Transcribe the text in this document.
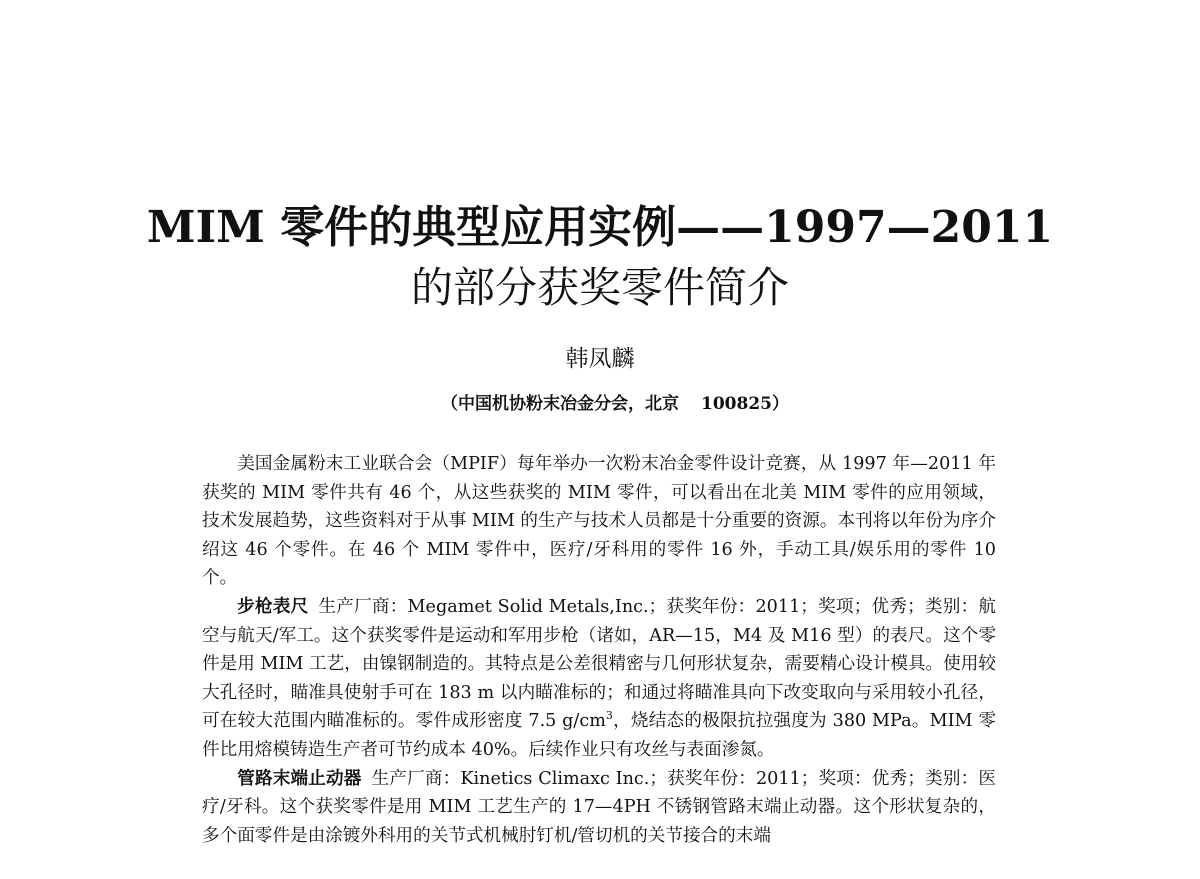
MIM 零件的典型应用实例——1997—2011
的部分获奖零件简介
韩凤麟
（中国机协粉末冶金分会，北京 100825）

美国金属粉末工业联合会（MPIF）每年举办一次粉末冶金零件设计竞赛，从 1997 年—2011 年获奖的 MIM 零件共有 46 个，从这些获奖的 MIM 零件，可以看出在北美 MIM 零件的应用领域，技术发展趋势，这些资料对于从事 MIM 的生产与技术人员都是十分重要的资源。本刊将以年份为序介绍这 46 个零件。在 46 个 MIM 零件中，医疗/牙科用的零件 16 外，手动工具/娱乐用的零件 10 个。

步枪表尺 生产厂商：Megamet Solid Metals,Inc.；获奖年份：2011；奖项；优秀；类别：航空与航天/军工。这个获奖零件是运动和军用步枪（诸如，AR—15，M4 及 M16 型）的表尺。这个零件是用 MIM 工艺，由镍钢制造的。其特点是公差很精密与几何形状复杂，需要精心设计模具。使用较大孔径时，瞄准具使射手可在 183 m 以内瞄准标的；和通过将瞄准具向下改变取向与采用较小孔径，可在较大范围内瞄准标的。零件成形密度 7.5 $g/cm^3$，烧结态的极限抗拉强度为 380 MPa。MIM 零件比用熔模铸造生产者可节约成本 40%。后续作业只有攻丝与表面渗氮。

管路末端止动器 生产厂商：Kinetics Climaxc Inc.；获奖年份：2011；奖项：优秀；类别：医疗/牙科。这个获奖零件是用 MIM 工艺生产的 17—4PH 不锈钢管路末端止动器。这个形状复杂的，多个面零件是由涂镀外科用的关节式机械肘钉机/管切机的关节接合的末端
